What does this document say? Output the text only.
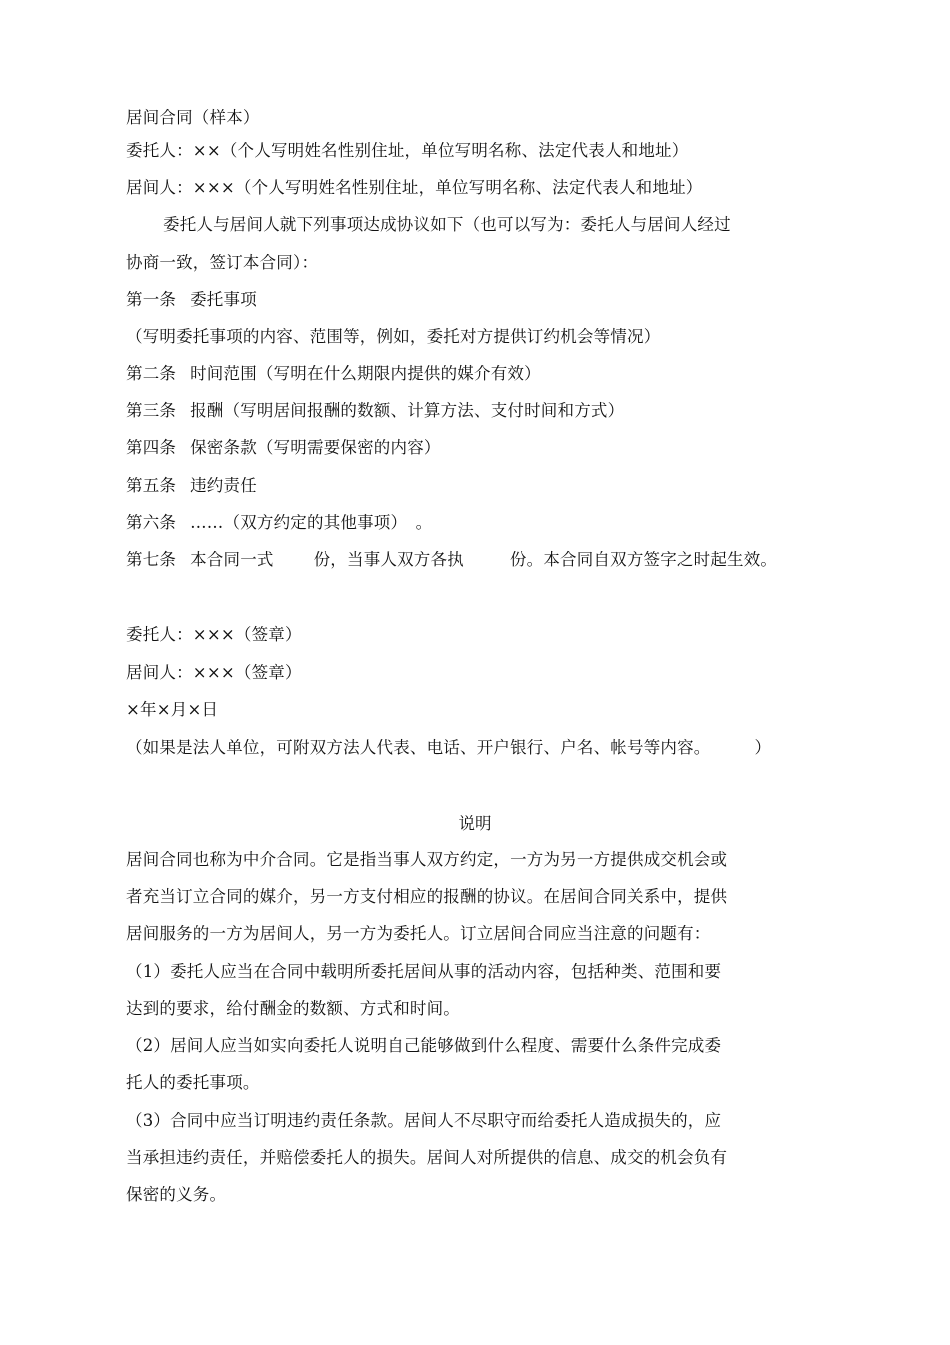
居间合同（样本）
委托人：××（个人写明姓名性别住址，单位写明名称、法定代表人和地址）
居间人：×××（个人写明姓名性别住址，单位写明名称、法定代表人和地址）
委托人与居间人就下列事项达成协议如下（也可以写为：委托人与居间人经过
协商一致，签订本合同）：
第一条 委托事项
（写明委托事项的内容、范围等，例如，委托对方提供订约机会等情况）
第二条 时间范围（写明在什么期限内提供的媒介有效）
第三条 报酬（写明居间报酬的数额、计算方法、支付时间和方式）
第四条 保密条款（写明需要保密的内容）
第五条 违约责任
第六条 ……（双方约定的其他事项）　。
第七条 本合同一式 份，当事人双方各执	份。本合同自双方签字之时起生效。
委托人：×××（签章）
居间人：×××（签章）
×年×月×日
（如果是法人单位，可附双方法人代表、电话、开户银行、户名、帐号等内容。	）
说明
居间合同也称为中介合同。它是指当事人双方约定，一方为另一方提供成交机会或
者充当订立合同的媒介，另一方支付相应的报酬的协议。在居间合同关系中，提供
居间服务的一方为居间人，另一方为委托人。订立居间合同应当注意的问题有：
（1）委托人应当在合同中载明所委托居间从事的活动内容，包括种类、范围和要
达到的要求，给付酬金的数额、方式和时间。
（2）居间人应当如实向委托人说明自己能够做到什么程度、需要什么条件完成委
托人的委托事项。
（3）合同中应当订明违约责任条款。居间人不尽职守而给委托人造成损失的，应
当承担违约责任，并赔偿委托人的损失。居间人对所提供的信息、成交的机会负有
保密的义务。
